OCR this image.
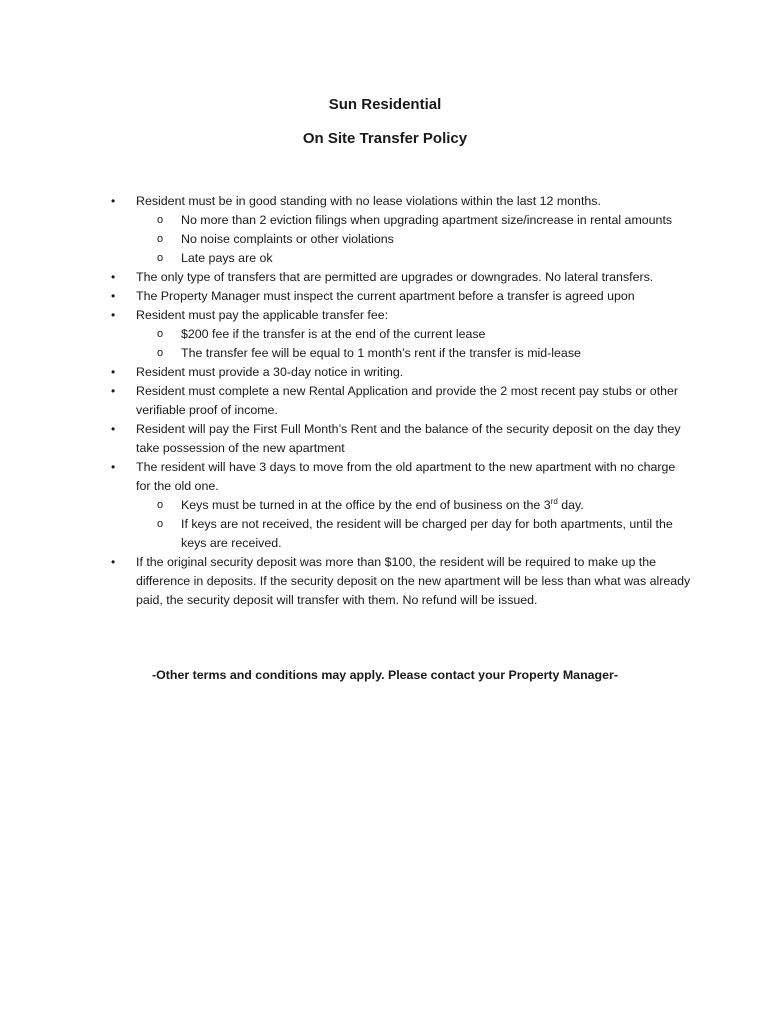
Sun Residential
On Site Transfer Policy
•	Resident must be in good standing with no lease violations within the last 12 months.
o	No more than 2 eviction filings when upgrading apartment size/increase in rental amounts
o	No noise complaints or other violations
o	Late pays are ok
•	The only type of transfers that are permitted are upgrades or downgrades. No lateral transfers.
•	The Property Manager must inspect the current apartment before a transfer is agreed upon
•	Resident must pay the applicable transfer fee:
o	$200 fee if the transfer is at the end of the current lease
o	The transfer fee will be equal to 1 month’s rent if the transfer is mid-lease
•	Resident must provide a 30-day notice in writing.
•	Resident must complete a new Rental Application and provide the 2 most recent pay stubs or other verifiable proof of income.
•	Resident will pay the First Full Month’s Rent and the balance of the security deposit on the day they take possession of the new apartment
•	The resident will have 3 days to move from the old apartment to the new apartment with no charge for the old one.
o	Keys must be turned in at the office by the end of business on the 3rd day.
o	If keys are not received, the resident will be charged per day for both apartments, until the keys are received.
•	If the original security deposit was more than $100, the resident will be required to make up the difference in deposits. If the security deposit on the new apartment will be less than what was already paid, the security deposit will transfer with them. No refund will be issued.
-Other terms and conditions may apply. Please contact your Property Manager-
